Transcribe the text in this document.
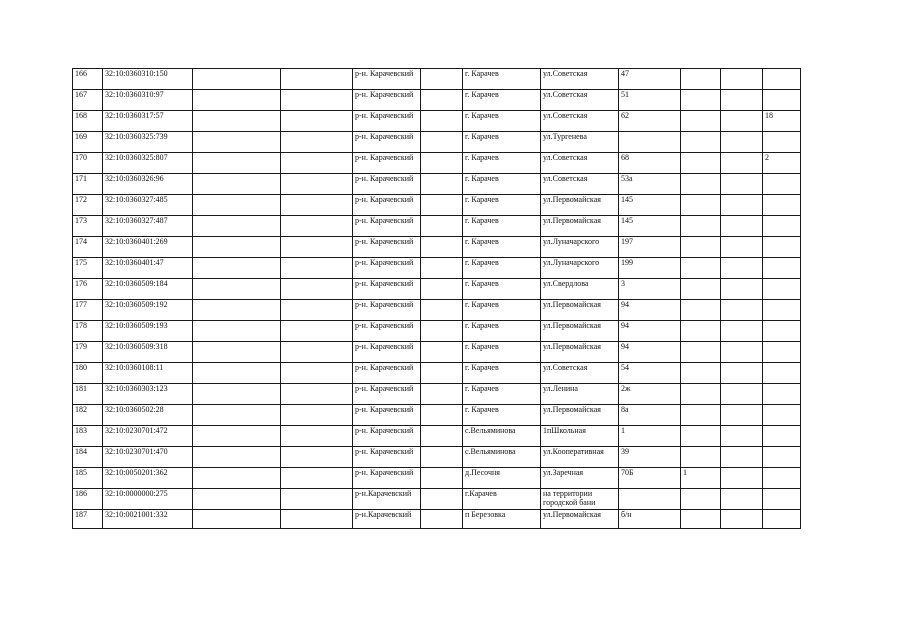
166	32:10:0360310:150			р-н. Карачевский		г. Карачев	ул.Советская	47			
167	32:10:0360310:97			р-н. Карачевский		г. Карачев	ул.Советская	51			
168	32:10:0360317:57			р-н. Карачевский		г. Карачев	ул.Советская	62			18
169	32:10:0360325:739			р-н. Карачевский		г. Карачев	ул.Тургенева				
170	32:10:0360325:807			р-н. Карачевский		г. Карачев	ул.Советская	68			2
171	32:10:0360326:96			р-н. Карачевский		г. Карачев	ул.Советская	53а			
172	32:10:0360327:485			р-н. Карачевский		г. Карачев	ул.Первомайская	145			
173	32:10:0360327:487			р-н. Карачевский		г. Карачев	ул.Первомайская	145			
174	32:10:0360401:269			р-н. Карачевский		г. Карачев	ул.Луначарского	197			
175	32:10:0360401:47			р-н. Карачевский		г. Карачев	ул.Луначарского	199			
176	32:10:0360509:184			р-н. Карачевский		г. Карачев	ул.Свердлова	3			
177	32:10:0360509:192			р-н. Карачевский		г. Карачев	ул.Первомайская	94			
178	32:10:0360509:193			р-н. Карачевский		г. Карачев	ул.Первомайская	94			
179	32:10:0360509:318			р-н. Карачевский		г. Карачев	ул.Первомайская	94			
180	32:10:0360108:11			р-н. Карачевский		г. Карачев	ул.Советская	54			
181	32:10:0360303:123			р-н. Карачевский		г. Карачев	ул.Ленина	2ж			
182	32:10:0360502:28			р-н. Карачевский		г. Карачев	ул.Первомайская	8а			
183	32:10:0230701:472			р-н. Карачевский		с.Вельяминова	1пШкольная	1			
184	32:10:0230701:470			р-н. Карачевский		с.Вельяминова	ул.Кооперативная	39			
185	32:10:0050201:362			р-н. Карачевский		д.Песочня	ул.Заречная	70Б	1		
186	32:10:0000000:275			р-н.Карачевский		г.Карачев	на территории городской бани				
187	32:10:0021001:332			р-н.Карачевский		п Березовка	ул.Первомайская	б/н			
